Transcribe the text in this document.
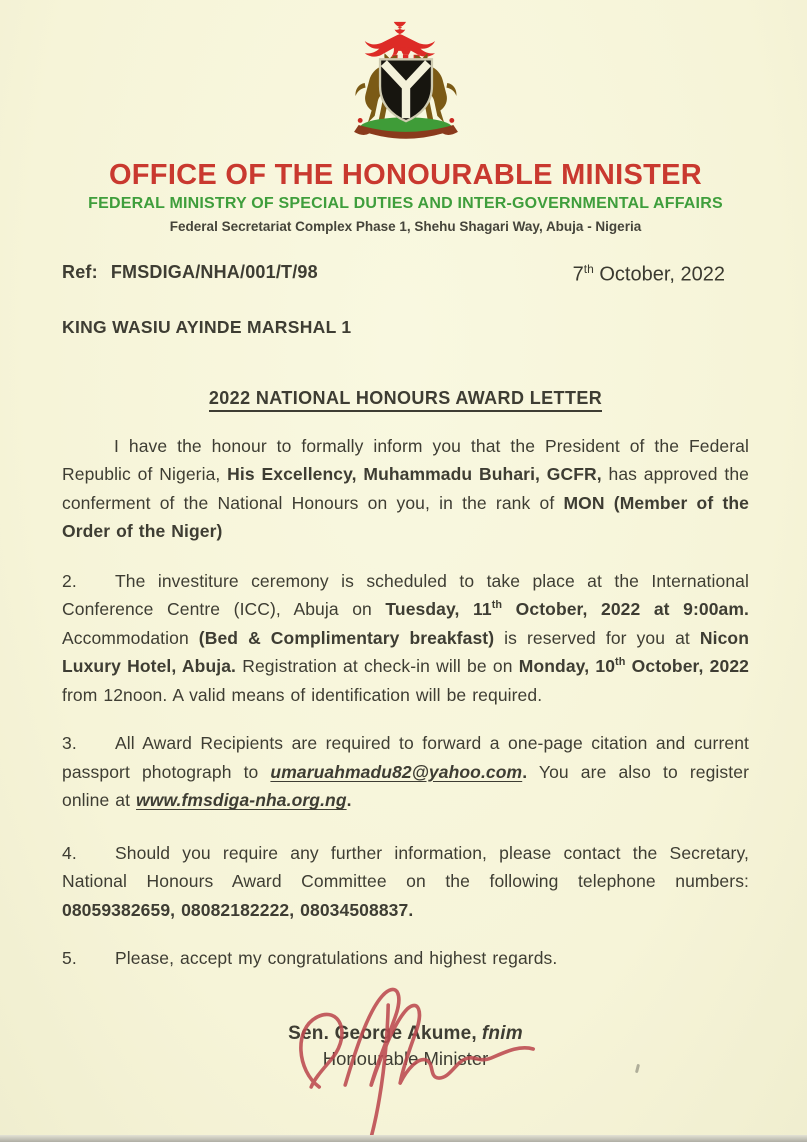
OFFICE OF THE HONOURABLE MINISTER
FEDERAL MINISTRY OF SPECIAL DUTIES AND INTER-GOVERNMENTAL AFFAIRS
Federal Secretariat Complex Phase 1, Shehu Shagari Way, Abuja - Nigeria
Ref: FMSDIGA/NHA/001/T/98	7th October, 2022
KING WASIU AYINDE MARSHAL 1
2022 NATIONAL HONOURS AWARD LETTER

I have the honour to formally inform you that the President of the Federal Republic of Nigeria, His Excellency, Muhammadu Buhari, GCFR, has approved the conferment of the National Honours on you, in the rank of MON (Member of the Order of the Niger)

2. The investiture ceremony is scheduled to take place at the International Conference Centre (ICC), Abuja on Tuesday, 11th October, 2022 at 9:00am. Accommodation (Bed & Complimentary breakfast) is reserved for you at Nicon Luxury Hotel, Abuja. Registration at check-in will be on Monday, 10th October, 2022 from 12noon. A valid means of identification will be required.

3. All Award Recipients are required to forward a one-page citation and current passport photograph to umaruahmadu82@yahoo.com. You are also to register online at www.fmsdiga-nha.org.ng.

4. Should you require any further information, please contact the Secretary, National Honours Award Committee on the following telephone numbers: 08059382659, 08082182222, 08034508837.

5. Please, accept my congratulations and highest regards.

Sen. George Akume, fnim
Honourable Minister
